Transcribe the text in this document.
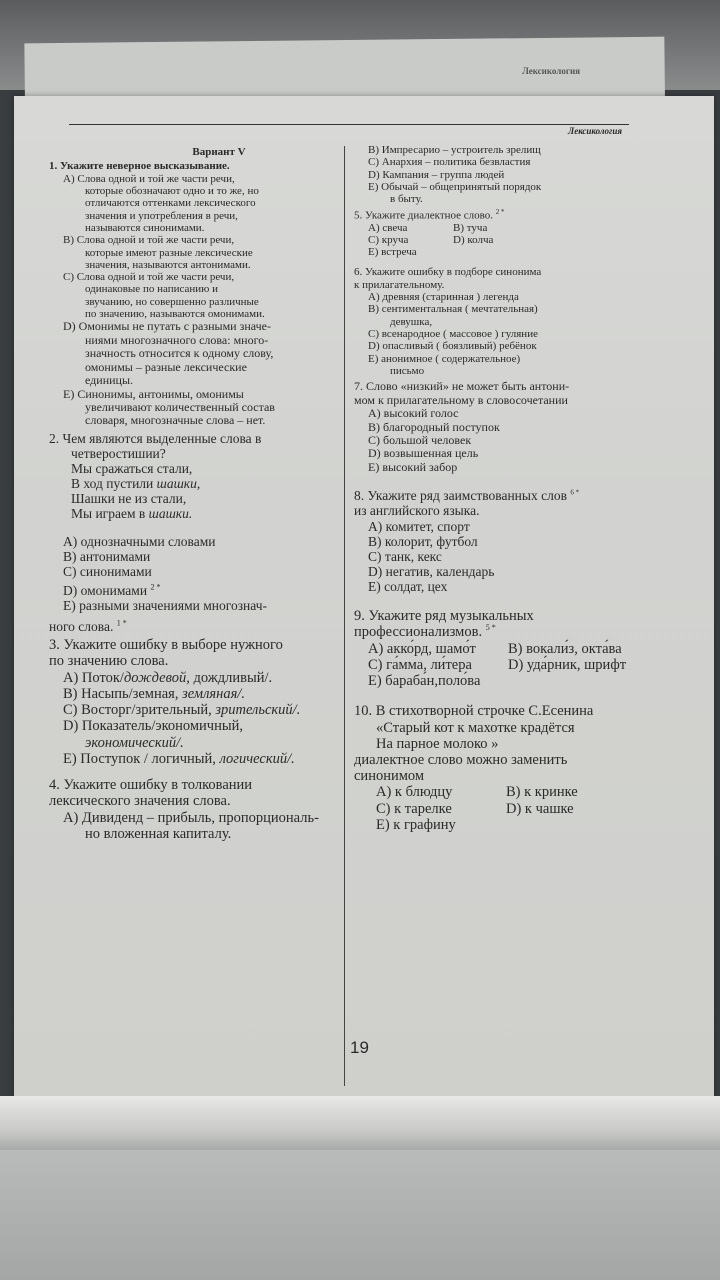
Лексикология
Лексикология
Вариант V
1. Укажите неверное высказывание.
А) Слова одной и той же части речи,
которые обозначают одно и то же, но
отличаются оттенками лексического
значения и употребления в речи,
называются синонимами.
В) Слова одной и той же части речи,
которые имеют разные лексические
значения, называются антонимами.
С) Слова одной и той же части речи,
одинаковые по написанию и
звучанию, но совершенно различные
по значению, называются омонимами.
D) Омонимы не путать с разными значе-
ниями многозначного слова: много-
значность относится к одному слову,
омонимы – разные лексические
единицы.
Е) Синонимы, антонимы, омонимы
увеличивают количественный состав
словаря, многозначные слова – нет.
2. Чем являются выделенные слова в
четверостишии?
Мы сражаться стали,
В ход пустили шашки,
Шашки не из стали,
Мы играем в шашки.
А) однозначными словами
В) антонимами
С) синонимами
D) омонимами $^{2 *}$
Е) разными значениями многознач-
ного слова. $^{1 *}$
3. Укажите ошибку в выборе нужного
по значению слова.
А) Поток/дождевой, дождливый/.
В) Насыпь/земная, земляная/.
С) Восторг/зрительный, зрительский/.
D) Показатель/экономичный,
экономический/.
Е) Поступок / логичный, логический/.
4. Укажите ошибку в толковании
лексического значения слова.
А) Дивиденд – прибыль, пропорциональ-
но вложенная капиталу.
В) Импресарио – устроитель зрелищ
С) Анархия – политика безвластия
D) Кампания – группа людей
Е) Обычай – общепринятый порядок
в быту.
5. Укажите диалектное слово. $^{2 *}$
А) свеча	В) туча
С) круча	D) колча
Е) встреча
6. Укажите ошибку в подборе синонима
к прилагательному.
А) древняя (старинная ) легенда
В) сентиментальная ( мечтательная)
девушка,
С) всенародное ( массовое ) гуляние
D) опасливый ( боязливый) ребёнок
Е) анонимное ( содержательное)
письмо
7. Слово «низкий» не может быть антони-
мом к прилагательному в словосочетании
А) высокий голос
В) благородный поступок
С) большой человек
D) возвышенная цель
Е) высокий забор
8. Укажите ряд заимствованных слов $^{6 *}$
из английского языка.
А) комитет, спорт
В) колорит, футбол
С) танк, кекс
D) негатив, календарь
Е) солдат, цех
9. Укажите ряд музыкальных
профессионализмов. $^{5 *}$
А) акко́рд, шамо́т	В) вокали́з, окта́ва
С) га́мма, ли́тера	D) уда́рник, шрифт
Е) бараба́н,поло́ва
10. В стихотворной строчке С.Есенина
«Старый кот к махотке крадётся
На парное молоко »
диалектное слово можно заменить
синонимом
А) к блюдцу	В) к кринке
С) к тарелке	D) к чашке
Е) к графину
19
